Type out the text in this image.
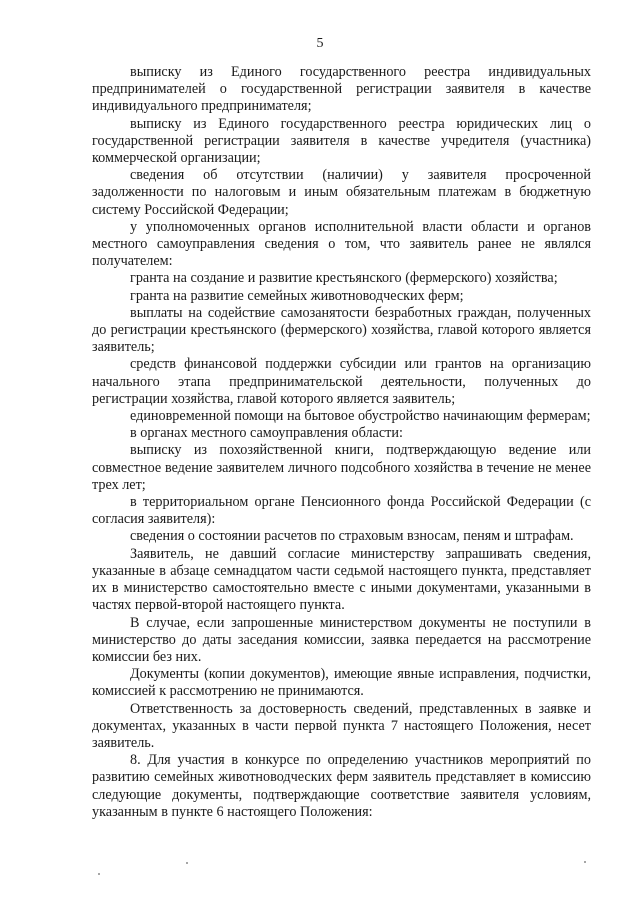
5

выписку из Единого государственного реестра индивидуальных предпринимателей о государственной регистрации заявителя в качестве индивидуального предпринимателя;

выписку из Единого государственного реестра юридических лиц о государственной регистрации заявителя в качестве учредителя (участника) коммерческой организации;

сведения об отсутствии (наличии) у заявителя просроченной задолженности по налоговым и иным обязательным платежам в бюджетную систему Российской Федерации;

у уполномоченных органов исполнительной власти области и органов местного самоуправления сведения о том, что заявитель ранее не являлся получателем:

гранта на создание и развитие крестьянского (фермерского) хозяйства;

гранта на развитие семейных животноводческих ферм;

выплаты на содействие самозанятости безработных граждан, полученных до регистрации крестьянского (фермерского) хозяйства, главой которого является заявитель;

средств финансовой поддержки субсидии или грантов на организацию начального этапа предпринимательской деятельности, полученных до регистрации хозяйства, главой которого является заявитель;

единовременной помощи на бытовое обустройство начинающим фермерам;

в органах местного самоуправления области:

выписку из похозяйственной книги, подтверждающую ведение или совместное ведение заявителем личного подсобного хозяйства в течение не менее трех лет;

в территориальном органе Пенсионного фонда Российской Федерации (с согласия заявителя):

сведения о состоянии расчетов по страховым взносам, пеням и штрафам.

Заявитель, не давший согласие министерству запрашивать сведения, указанные в абзаце семнадцатом части седьмой настоящего пункта, представляет их в министерство самостоятельно вместе с иными документами, указанными в частях первой-второй настоящего пункта.

В случае, если запрошенные министерством документы не поступили в министерство до даты заседания комиссии, заявка передается на рассмотрение комиссии без них.

Документы (копии документов), имеющие явные исправления, подчистки, комиссией к рассмотрению не принимаются.

Ответственность за достоверность сведений, представленных в заявке и документах, указанных в части первой пункта 7 настоящего Положения, несет заявитель.

8. Для участия в конкурсе по определению участников мероприятий по развитию семейных животноводческих ферм заявитель представляет в комиссию следующие документы, подтверждающие соответствие заявителя условиям, указанным в пункте 6 настоящего Положения:
